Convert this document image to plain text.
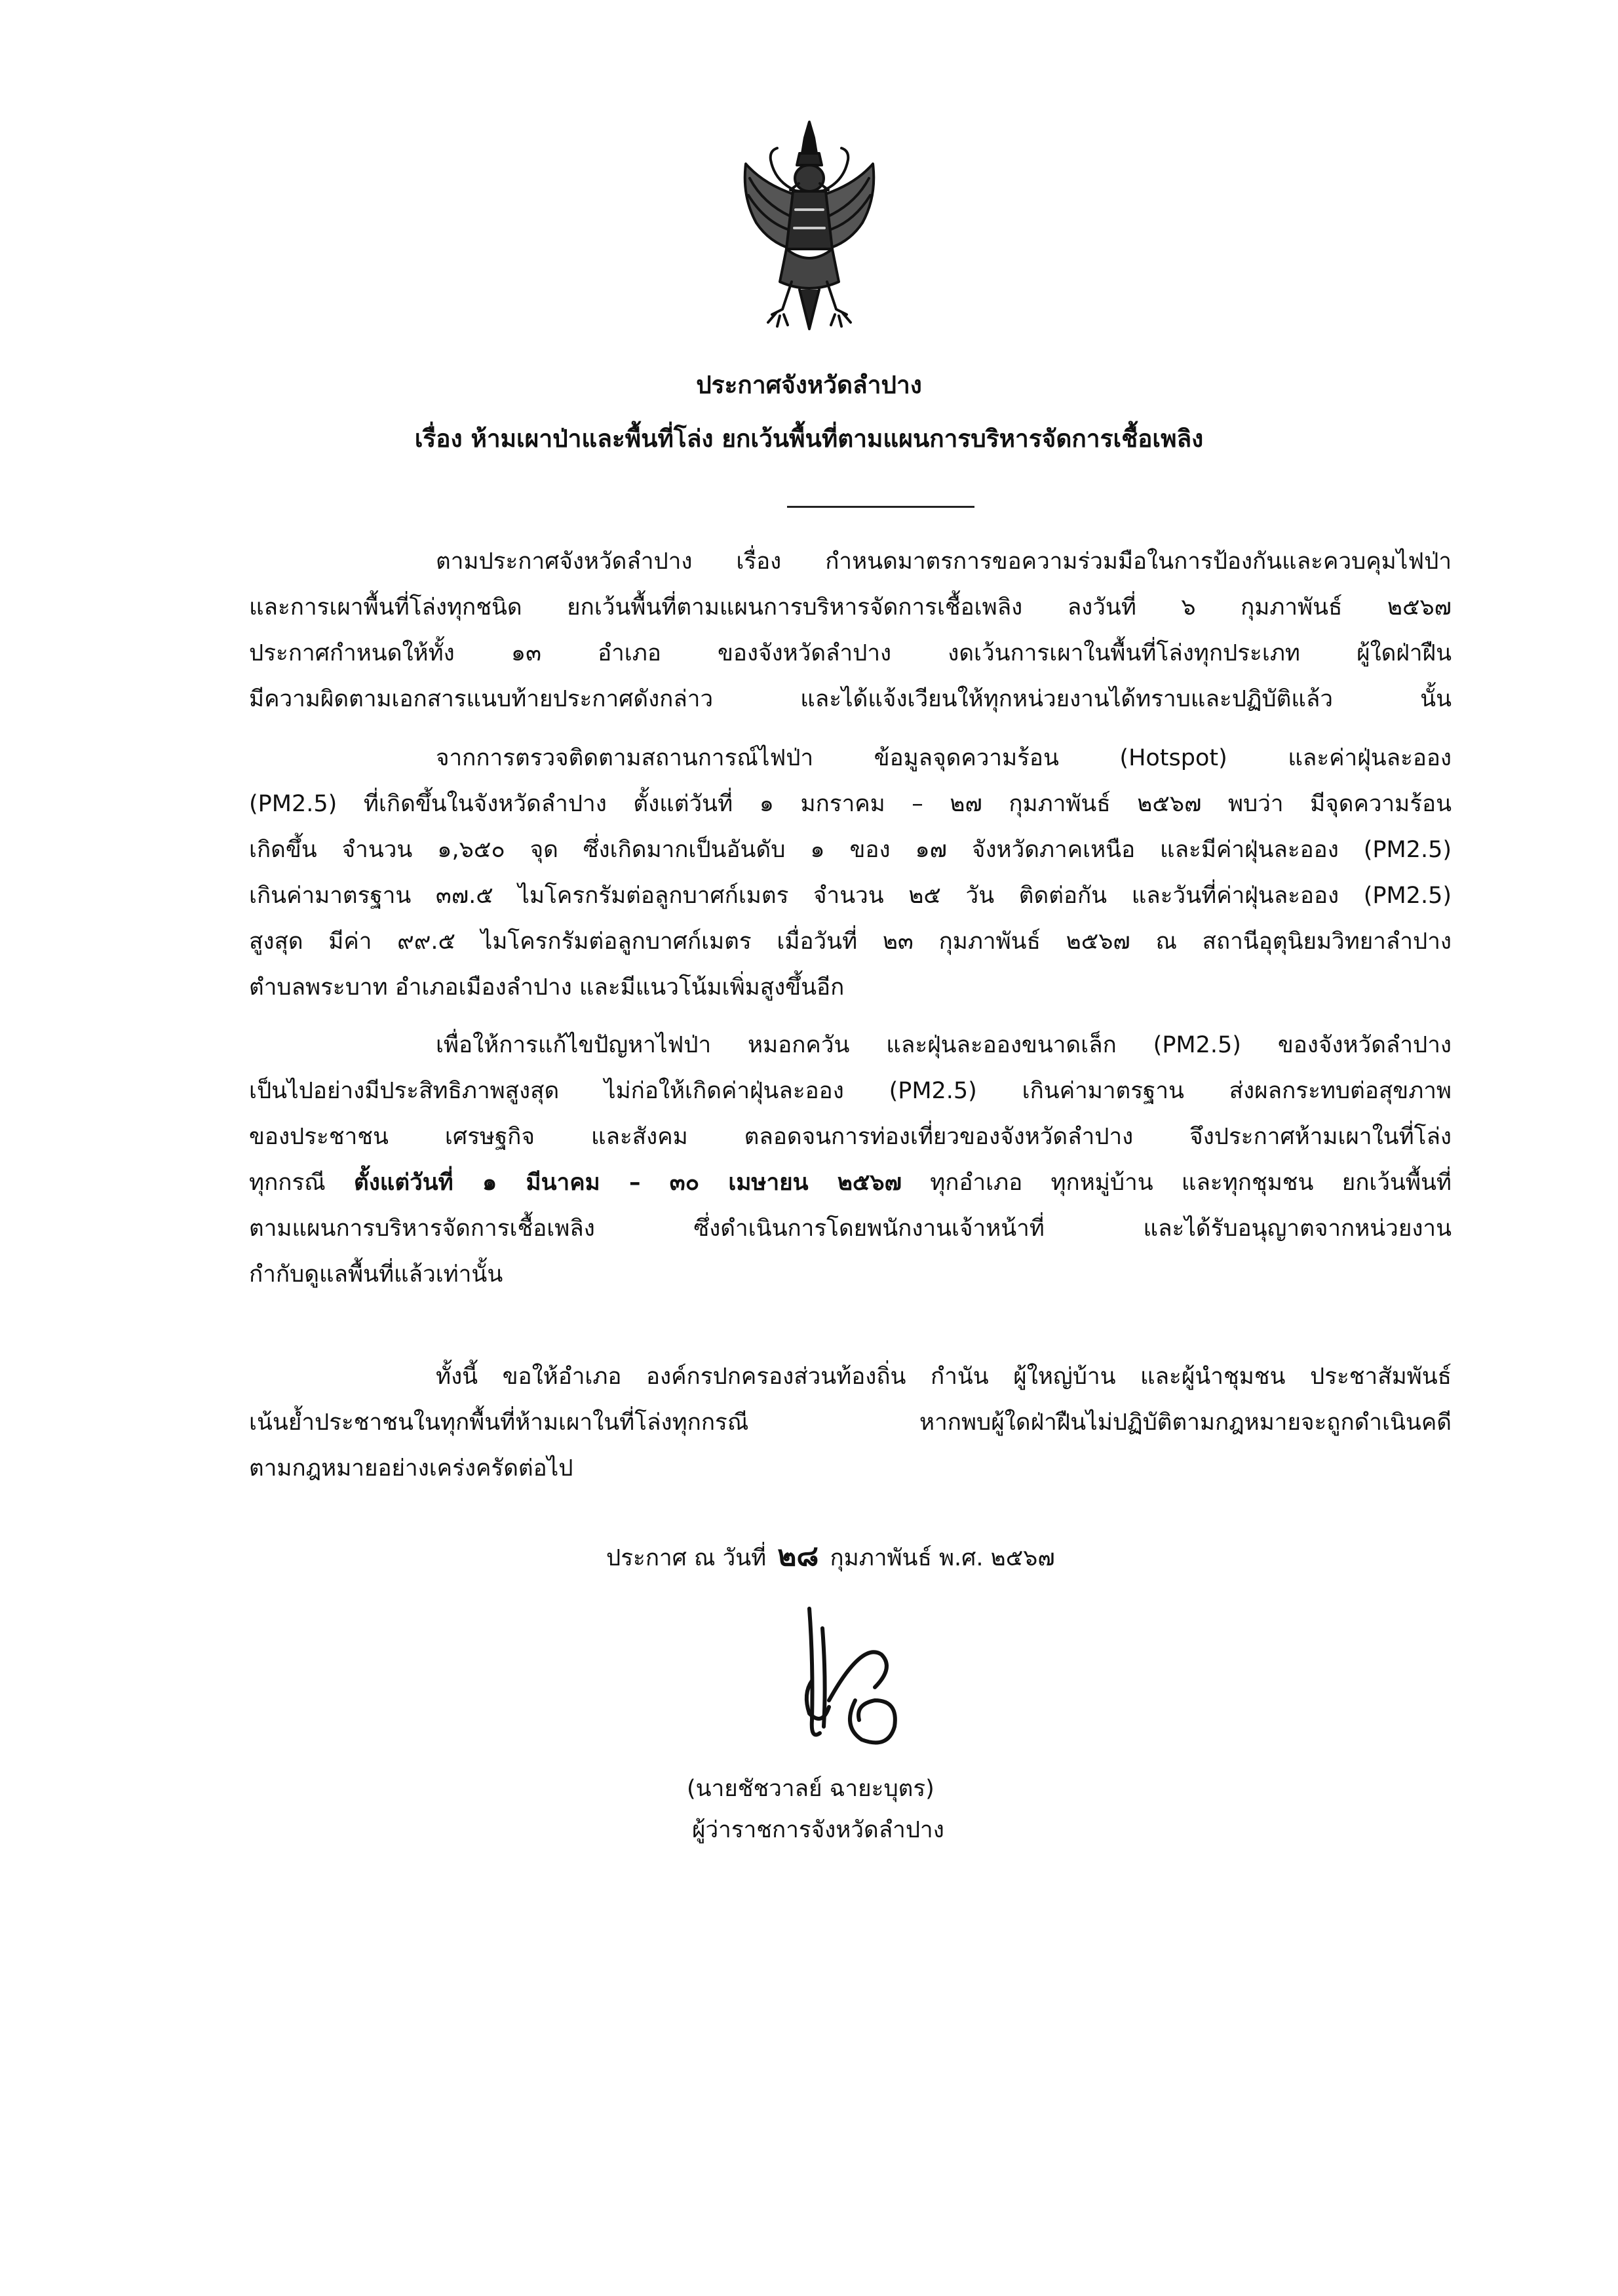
ประกาศจังหวัดลำปาง
เรื่อง ห้ามเผาป่าและพื้นที่โล่ง ยกเว้นพื้นที่ตามแผนการบริหารจัดการเชื้อเพลิง
ตามประกาศจังหวัดลำปาง เรื่อง กำหนดมาตรการขอความร่วมมือในการป้องกันและควบคุมไฟป่า
และการเผาพื้นที่โล่งทุกชนิด ยกเว้นพื้นที่ตามแผนการบริหารจัดการเชื้อเพลิง ลงวันที่ ๖ กุมภาพันธ์ ๒๕๖๗
ประกาศกำหนดให้ทั้ง ๑๓ อำเภอ ของจังหวัดลำปาง งดเว้นการเผาในพื้นที่โล่งทุกประเภท ผู้ใดฝ่าฝืน
มีความผิดตามเอกสารแนบท้ายประกาศดังกล่าว และได้แจ้งเวียนให้ทุกหน่วยงานได้ทราบและปฏิบัติแล้ว นั้น
จากการตรวจติดตามสถานการณ์ไฟป่า ข้อมูลจุดความร้อน (Hotspot) และค่าฝุ่นละออง
(PM2.5) ที่เกิดขึ้นในจังหวัดลำปาง ตั้งแต่วันที่ ๑ มกราคม – ๒๗ กุมภาพันธ์ ๒๕๖๗ พบว่า มีจุดความร้อน
เกิดขึ้น จำนวน ๑,๖๕๐ จุด ซึ่งเกิดมากเป็นอันดับ ๑ ของ ๑๗ จังหวัดภาคเหนือ และมีค่าฝุ่นละออง (PM2.5)
เกินค่ามาตรฐาน ๓๗.๕ ไมโครกรัมต่อลูกบาศก์เมตร จำนวน ๒๕ วัน ติดต่อกัน และวันที่ค่าฝุ่นละออง (PM2.5)
สูงสุด มีค่า ๙๙.๕ ไมโครกรัมต่อลูกบาศก์เมตร เมื่อวันที่ ๒๓ กุมภาพันธ์ ๒๕๖๗ ณ สถานีอุตุนิยมวิทยาลำปาง
ตำบลพระบาท อำเภอเมืองลำปาง และมีแนวโน้มเพิ่มสูงขึ้นอีก
เพื่อให้การแก้ไขปัญหาไฟป่า หมอกควัน และฝุ่นละอองขนาดเล็ก (PM2.5) ของจังหวัดลำปาง
เป็นไปอย่างมีประสิทธิภาพสูงสุด ไม่ก่อให้เกิดค่าฝุ่นละออง (PM2.5) เกินค่ามาตรฐาน ส่งผลกระทบต่อสุขภาพ
ของประชาชน เศรษฐกิจ และสังคม ตลอดจนการท่องเที่ยวของจังหวัดลำปาง จึงประกาศห้ามเผาในที่โล่ง
ทุกกรณี ตั้งแต่วันที่ ๑ มีนาคม – ๓๐ เมษายน ๒๕๖๗ ทุกอำเภอ ทุกหมู่บ้าน และทุกชุมชน ยกเว้นพื้นที่
ตามแผนการบริหารจัดการเชื้อเพลิง ซึ่งดำเนินการโดยพนักงานเจ้าหน้าที่ และได้รับอนุญาตจากหน่วยงาน
กำกับดูแลพื้นที่แล้วเท่านั้น
ทั้งนี้ ขอให้อำเภอ องค์กรปกครองส่วนท้องถิ่น กำนัน ผู้ใหญ่บ้าน และผู้นำชุมชน ประชาสัมพันธ์
เน้นย้ำประชาชนในทุกพื้นที่ห้ามเผาในที่โล่งทุกกรณี หากพบผู้ใดฝ่าฝืนไม่ปฏิบัติตามกฎหมายจะถูกดำเนินคดี
ตามกฎหมายอย่างเคร่งครัดต่อไป
ประกาศ ณ วันที่ ๒๘ กุมภาพันธ์ พ.ศ. ๒๕๖๗
(นายชัชวาลย์ ฉายะบุตร)
ผู้ว่าราชการจังหวัดลำปาง
